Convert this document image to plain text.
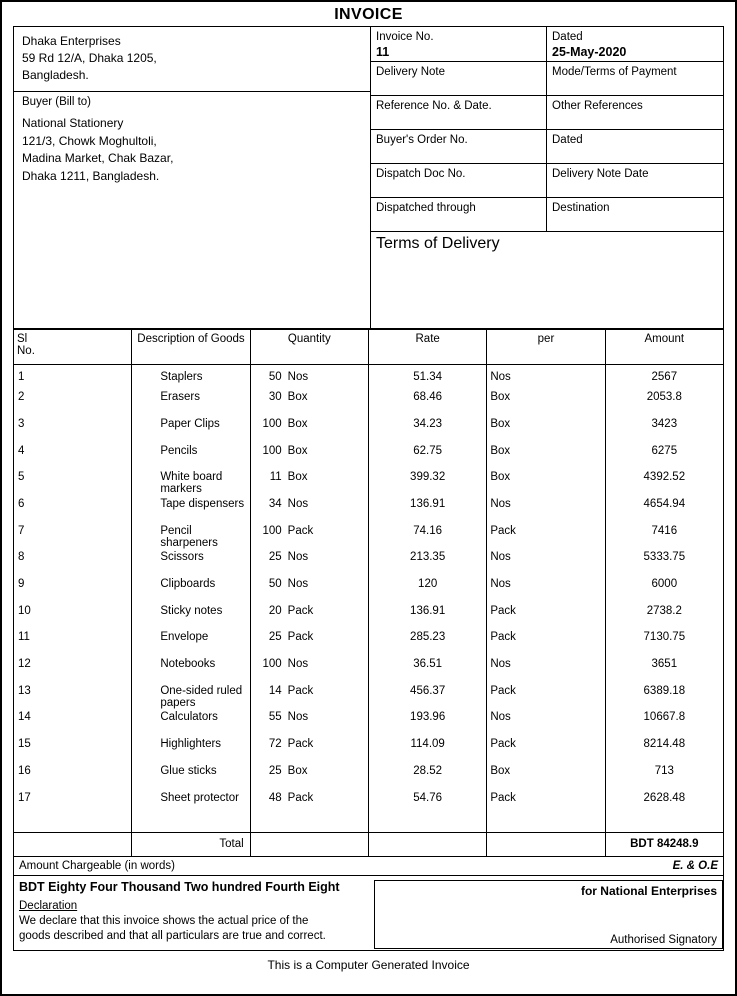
INVOICE
Dhaka Enterprises
59 Rd 12/A, Dhaka 1205,
Bangladesh.
Buyer (Bill to)
National Stationery
121/3, Chowk Moghultoli,
Madina Market, Chak Bazar,
Dhaka 1211, Bangladesh.
Invoice No.
11
Dated
25-May-2020
Delivery Note	Mode/Terms of Payment
Reference No. & Date.	Other References
Buyer's Order No.	Dated
Dispatch Doc No.	Delivery Note Date
Dispatched through	Destination
Terms of Delivery
Sl
No.	Description of Goods	Quantity	Rate	per	Amount
1	Staplers	50 Nos	51.34	Nos	2567
2	Erasers	30 Box	68.46	Box	2053.8
3	Paper Clips	100 Box	34.23	Box	3423
4	Pencils	100 Box	62.75	Box	6275
5	White board markers	11 Box	399.32	Box	4392.52
6	Tape dispensers	34 Nos	136.91	Nos	4654.94
7	Pencil sharpeners	100 Pack	74.16	Pack	7416
8	Scissors	25 Nos	213.35	Nos	5333.75
9	Clipboards	50 Nos	120	Nos	6000
10	Sticky notes	20 Pack	136.91	Pack	2738.2
11	Envelope	25 Pack	285.23	Pack	7130.75
12	Notebooks	100 Nos	36.51	Nos	3651
13	One-sided ruled papers	14 Pack	456.37	Pack	6389.18
14	Calculators	55 Nos	193.96	Nos	10667.8
15	Highlighters	72 Pack	114.09	Pack	8214.48
16	Glue sticks	25 Box	28.52	Box	713
17	Sheet protector	48 Pack	54.76	Pack	2628.48

	Total				BDT 84248.9
Amount Chargeable (in words)	E. & O.E
BDT Eighty Four Thousand Two hundred Fourth Eight
Declaration
We declare that this invoice shows the actual price of the
goods described and that all particulars are true and correct.
for National Enterprises
Authorised Signatory
This is a Computer Generated Invoice
